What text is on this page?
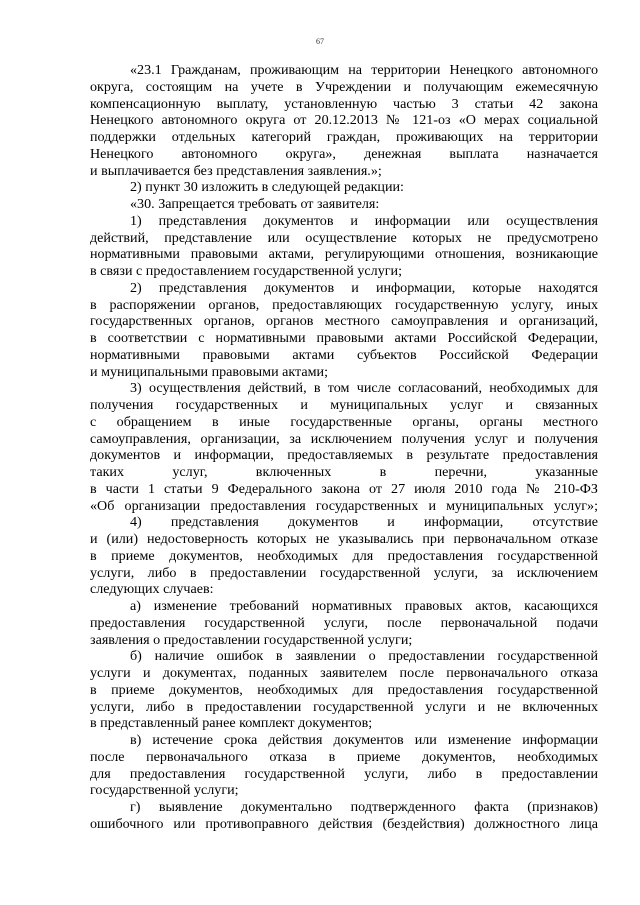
67
«23.1 Гражданам, проживающим на территории Ненецкого автономного
округа, состоящим на учете в Учреждении и получающим ежемесячную
компенсационную выплату, установленную частью 3 статьи 42 закона
Ненецкого автономного округа от 20.12.2013 № 121-оз «О мерах социальной
поддержки отдельных категорий граждан, проживающих на территории
Ненецкого автономного округа», денежная выплата назначается
и выплачивается без представления заявления.»;
2) пункт 30 изложить в следующей редакции:
«30. Запрещается требовать от заявителя:
1) представления документов и информации или осуществления
действий, представление или осуществление которых не предусмотрено
нормативными правовыми актами, регулирующими отношения, возникающие
в связи с предоставлением государственной услуги;
2) представления документов и информации, которые находятся
в распоряжении органов, предоставляющих государственную услугу, иных
государственных органов, органов местного самоуправления и организаций,
в соответствии с нормативными правовыми актами Российской Федерации,
нормативными правовыми актами субъектов Российской Федерации
и муниципальными правовыми актами;
3) осуществления действий, в том числе согласований, необходимых для
получения государственных и муниципальных услуг и связанных
с обращением в иные государственные органы, органы местного
самоуправления, организации, за исключением получения услуг и получения
документов и информации, предоставляемых в результате предоставления
таких услуг, включенных в перечни, указанные
в части 1 статьи 9 Федерального закона от 27 июля 2010 года № 210-ФЗ
«Об организации предоставления государственных и муниципальных услуг»;
4) представления документов и информации, отсутствие
и (или) недостоверность которых не указывались при первоначальном отказе
в приеме документов, необходимых для предоставления государственной
услуги, либо в предоставлении государственной услуги, за исключением
следующих случаев:
а) изменение требований нормативных правовых актов, касающихся
предоставления государственной услуги, после первоначальной подачи
заявления о предоставлении государственной услуги;
б) наличие ошибок в заявлении о предоставлении государственной
услуги и документах, поданных заявителем после первоначального отказа
в приеме документов, необходимых для предоставления государственной
услуги, либо в предоставлении государственной услуги и не включенных
в представленный ранее комплект документов;
в) истечение срока действия документов или изменение информации
после первоначального отказа в приеме документов, необходимых
для предоставления государственной услуги, либо в предоставлении
государственной услуги;
г) выявление документально подтвержденного факта (признаков)
ошибочного или противоправного действия (бездействия) должностного лица
